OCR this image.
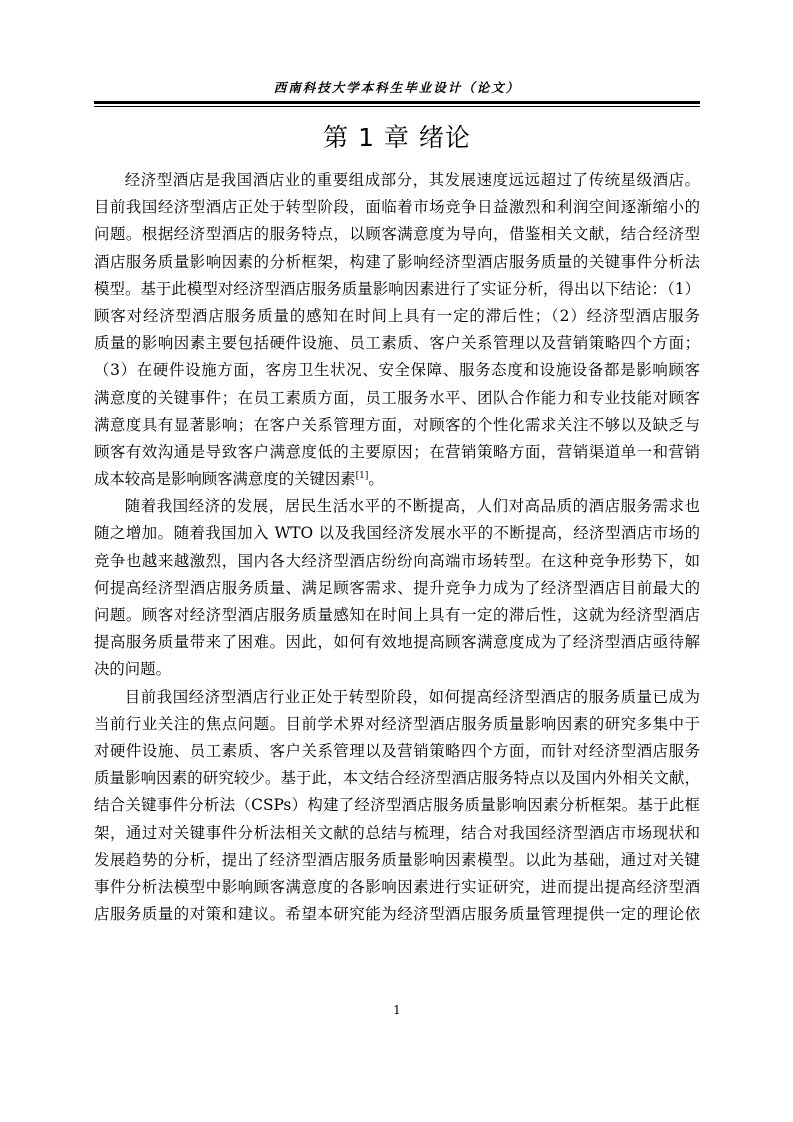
西南科技大学本科生毕业设计（论文）
第 1 章 绪论
经济型酒店是我国酒店业的重要组成部分，其发展速度远远超过了传统星级酒店。
目前我国经济型酒店正处于转型阶段，面临着市场竞争日益激烈和利润空间逐渐缩小的
问题。根据经济型酒店的服务特点，以顾客满意度为导向，借鉴相关文献，结合经济型
酒店服务质量影响因素的分析框架，构建了影响经济型酒店服务质量的关键事件分析法
模型。基于此模型对经济型酒店服务质量影响因素进行了实证分析，得出以下结论：（1）
顾客对经济型酒店服务质量的感知在时间上具有一定的滞后性；（2）经济型酒店服务
质量的影响因素主要包括硬件设施、员工素质、客户关系管理以及营销策略四个方面；
（3）在硬件设施方面，客房卫生状况、安全保障、服务态度和设施设备都是影响顾客
满意度的关键事件；在员工素质方面，员工服务水平、团队合作能力和专业技能对顾客
满意度具有显著影响；在客户关系管理方面，对顾客的个性化需求关注不够以及缺乏与
顾客有效沟通是导致客户满意度低的主要原因；在营销策略方面，营销渠道单一和营销
成本较高是影响顾客满意度的关键因素[1]。
随着我国经济的发展，居民生活水平的不断提高，人们对高品质的酒店服务需求也
随之增加。随着我国加入 WTO 以及我国经济发展水平的不断提高，经济型酒店市场的
竞争也越来越激烈，国内各大经济型酒店纷纷向高端市场转型。在这种竞争形势下，如
何提高经济型酒店服务质量、满足顾客需求、提升竞争力成为了经济型酒店目前最大的
问题。顾客对经济型酒店服务质量感知在时间上具有一定的滞后性，这就为经济型酒店
提高服务质量带来了困难。因此，如何有效地提高顾客满意度成为了经济型酒店亟待解
决的问题。
目前我国经济型酒店行业正处于转型阶段，如何提高经济型酒店的服务质量已成为
当前行业关注的焦点问题。目前学术界对经济型酒店服务质量影响因素的研究多集中于
对硬件设施、员工素质、客户关系管理以及营销策略四个方面，而针对经济型酒店服务
质量影响因素的研究较少。基于此，本文结合经济型酒店服务特点以及国内外相关文献，
结合关键事件分析法（CSPs）构建了经济型酒店服务质量影响因素分析框架。基于此框
架，通过对关键事件分析法相关文献的总结与梳理，结合对我国经济型酒店市场现状和
发展趋势的分析，提出了经济型酒店服务质量影响因素模型。以此为基础，通过对关键
事件分析法模型中影响顾客满意度的各影响因素进行实证研究，进而提出提高经济型酒
店服务质量的对策和建议。希望本研究能为经济型酒店服务质量管理提供一定的理论依
1
